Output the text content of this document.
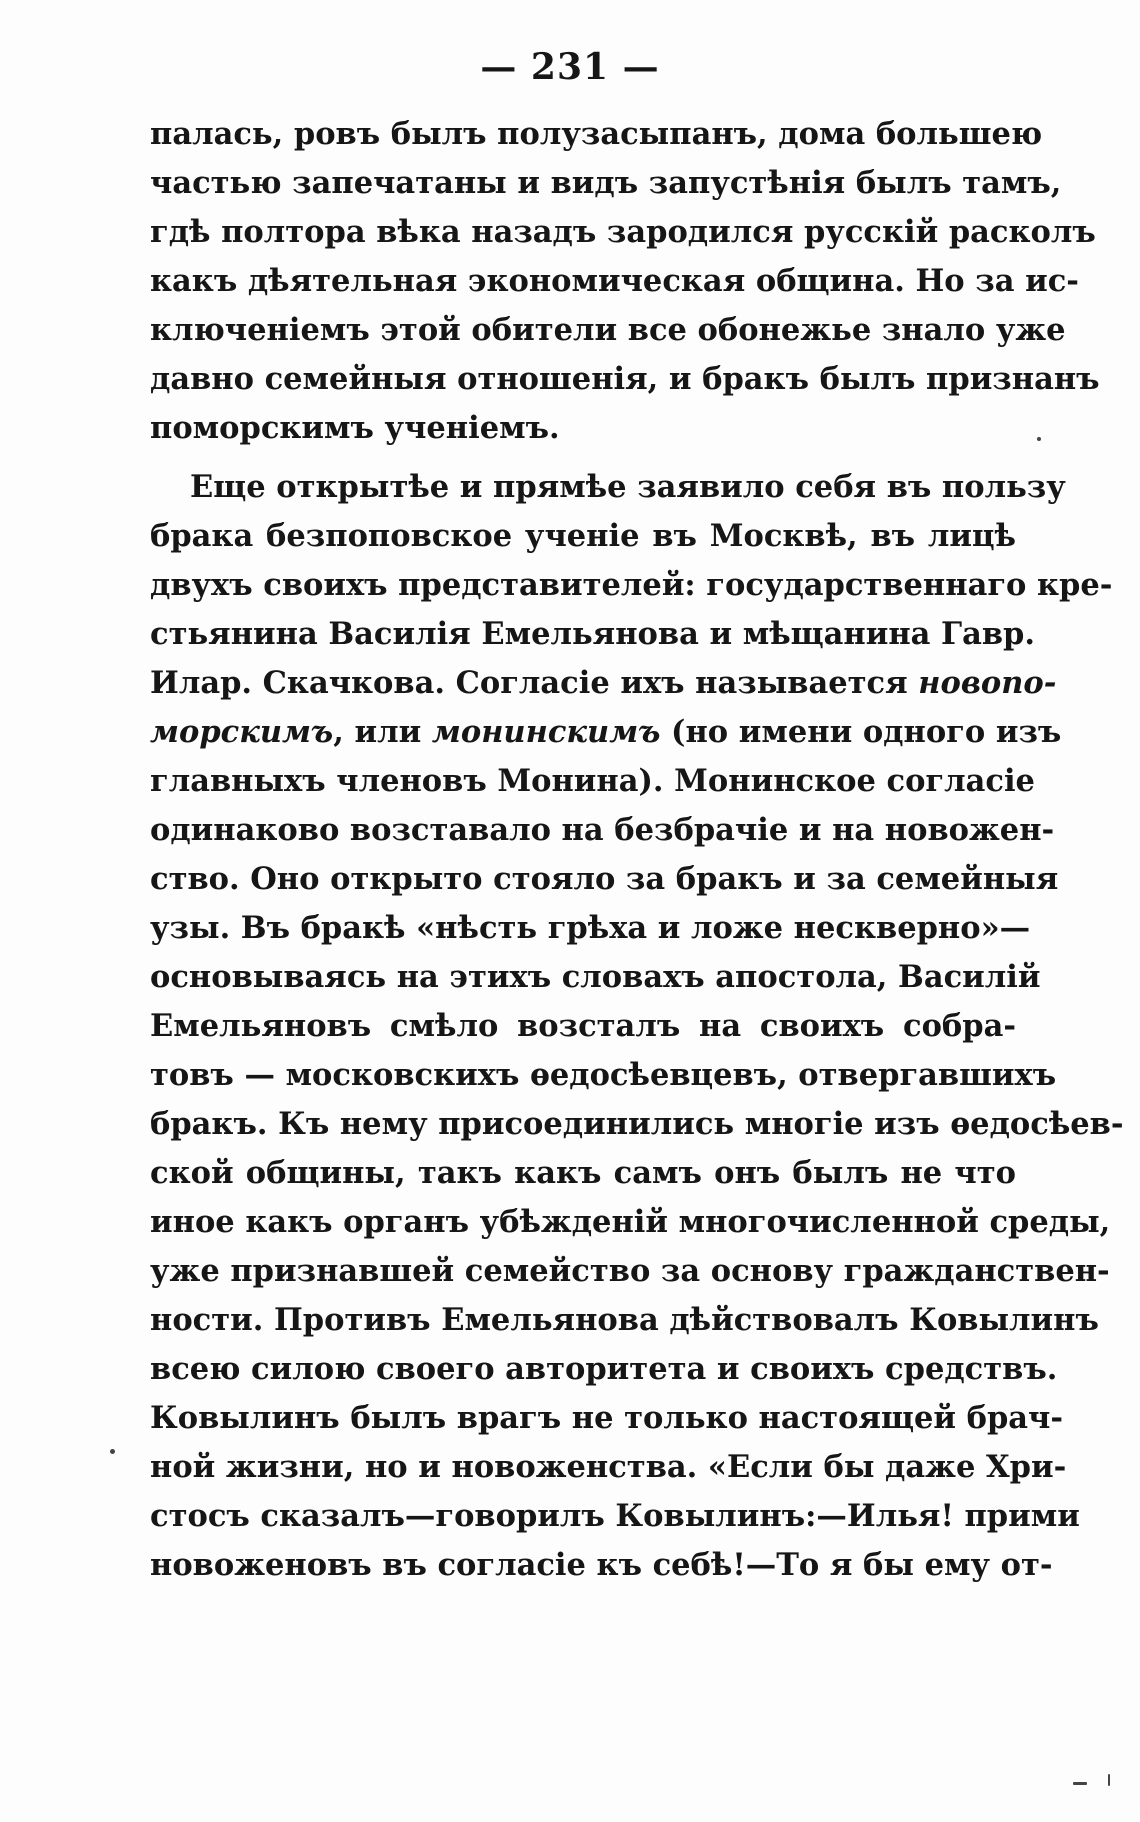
— 231 —
палась, ровъ былъ полузасыпанъ, дома большею
частью запечатаны и видъ запустѣнія былъ тамъ,
гдѣ полтора вѣка назадъ зародился русскій расколъ
какъ дѣятельная экономическая община. Но за ис-
ключеніемъ этой обители все обонежье знало уже
давно семейныя отношенія, и бракъ былъ признанъ
поморскимъ ученіемъ.
Еще открытѣе и прямѣе заявило себя въ пользу
брака безпоповское ученіе въ Москвѣ, въ лицѣ
двухъ своихъ представителей: государственнаго кре-
стьянина Василія Емельянова и мѣщанина Гавр.
Илар. Скачкова. Согласіе ихъ называется новопо-
морскимъ, или монинскимъ (но имени одного изъ
главныхъ членовъ Монина). Монинское согласіе
одинаково возставало на безбрачіе и на новожен-
ство. Оно открыто стояло за бракъ и за семейныя
узы. Въ бракѣ «нѣсть грѣха и ложе нескверно»—
основываясь на этихъ словахъ апостола, Василій
Емельяновъ смѣло возсталъ на своихъ собра-
товъ — московскихъ ѳедосѣевцевъ, отвергавшихъ
бракъ. Къ нему присоединились многіе изъ ѳедосѣев-
ской общины, такъ какъ самъ онъ былъ не что
иное какъ органъ убѣжденій многочисленной среды,
уже признавшей семейство за основу гражданствен-
ности. Противъ Емельянова дѣйствовалъ Ковылинъ
всею силою своего авторитета и своихъ средствъ.
Ковылинъ былъ врагъ не только настоящей брач-
ной жизни, но и новоженства. «Если бы даже Хри-
стосъ сказалъ—говорилъ Ковылинъ:—Илья! прими
новоженовъ въ согласіе къ себѣ!—То я бы ему от-
